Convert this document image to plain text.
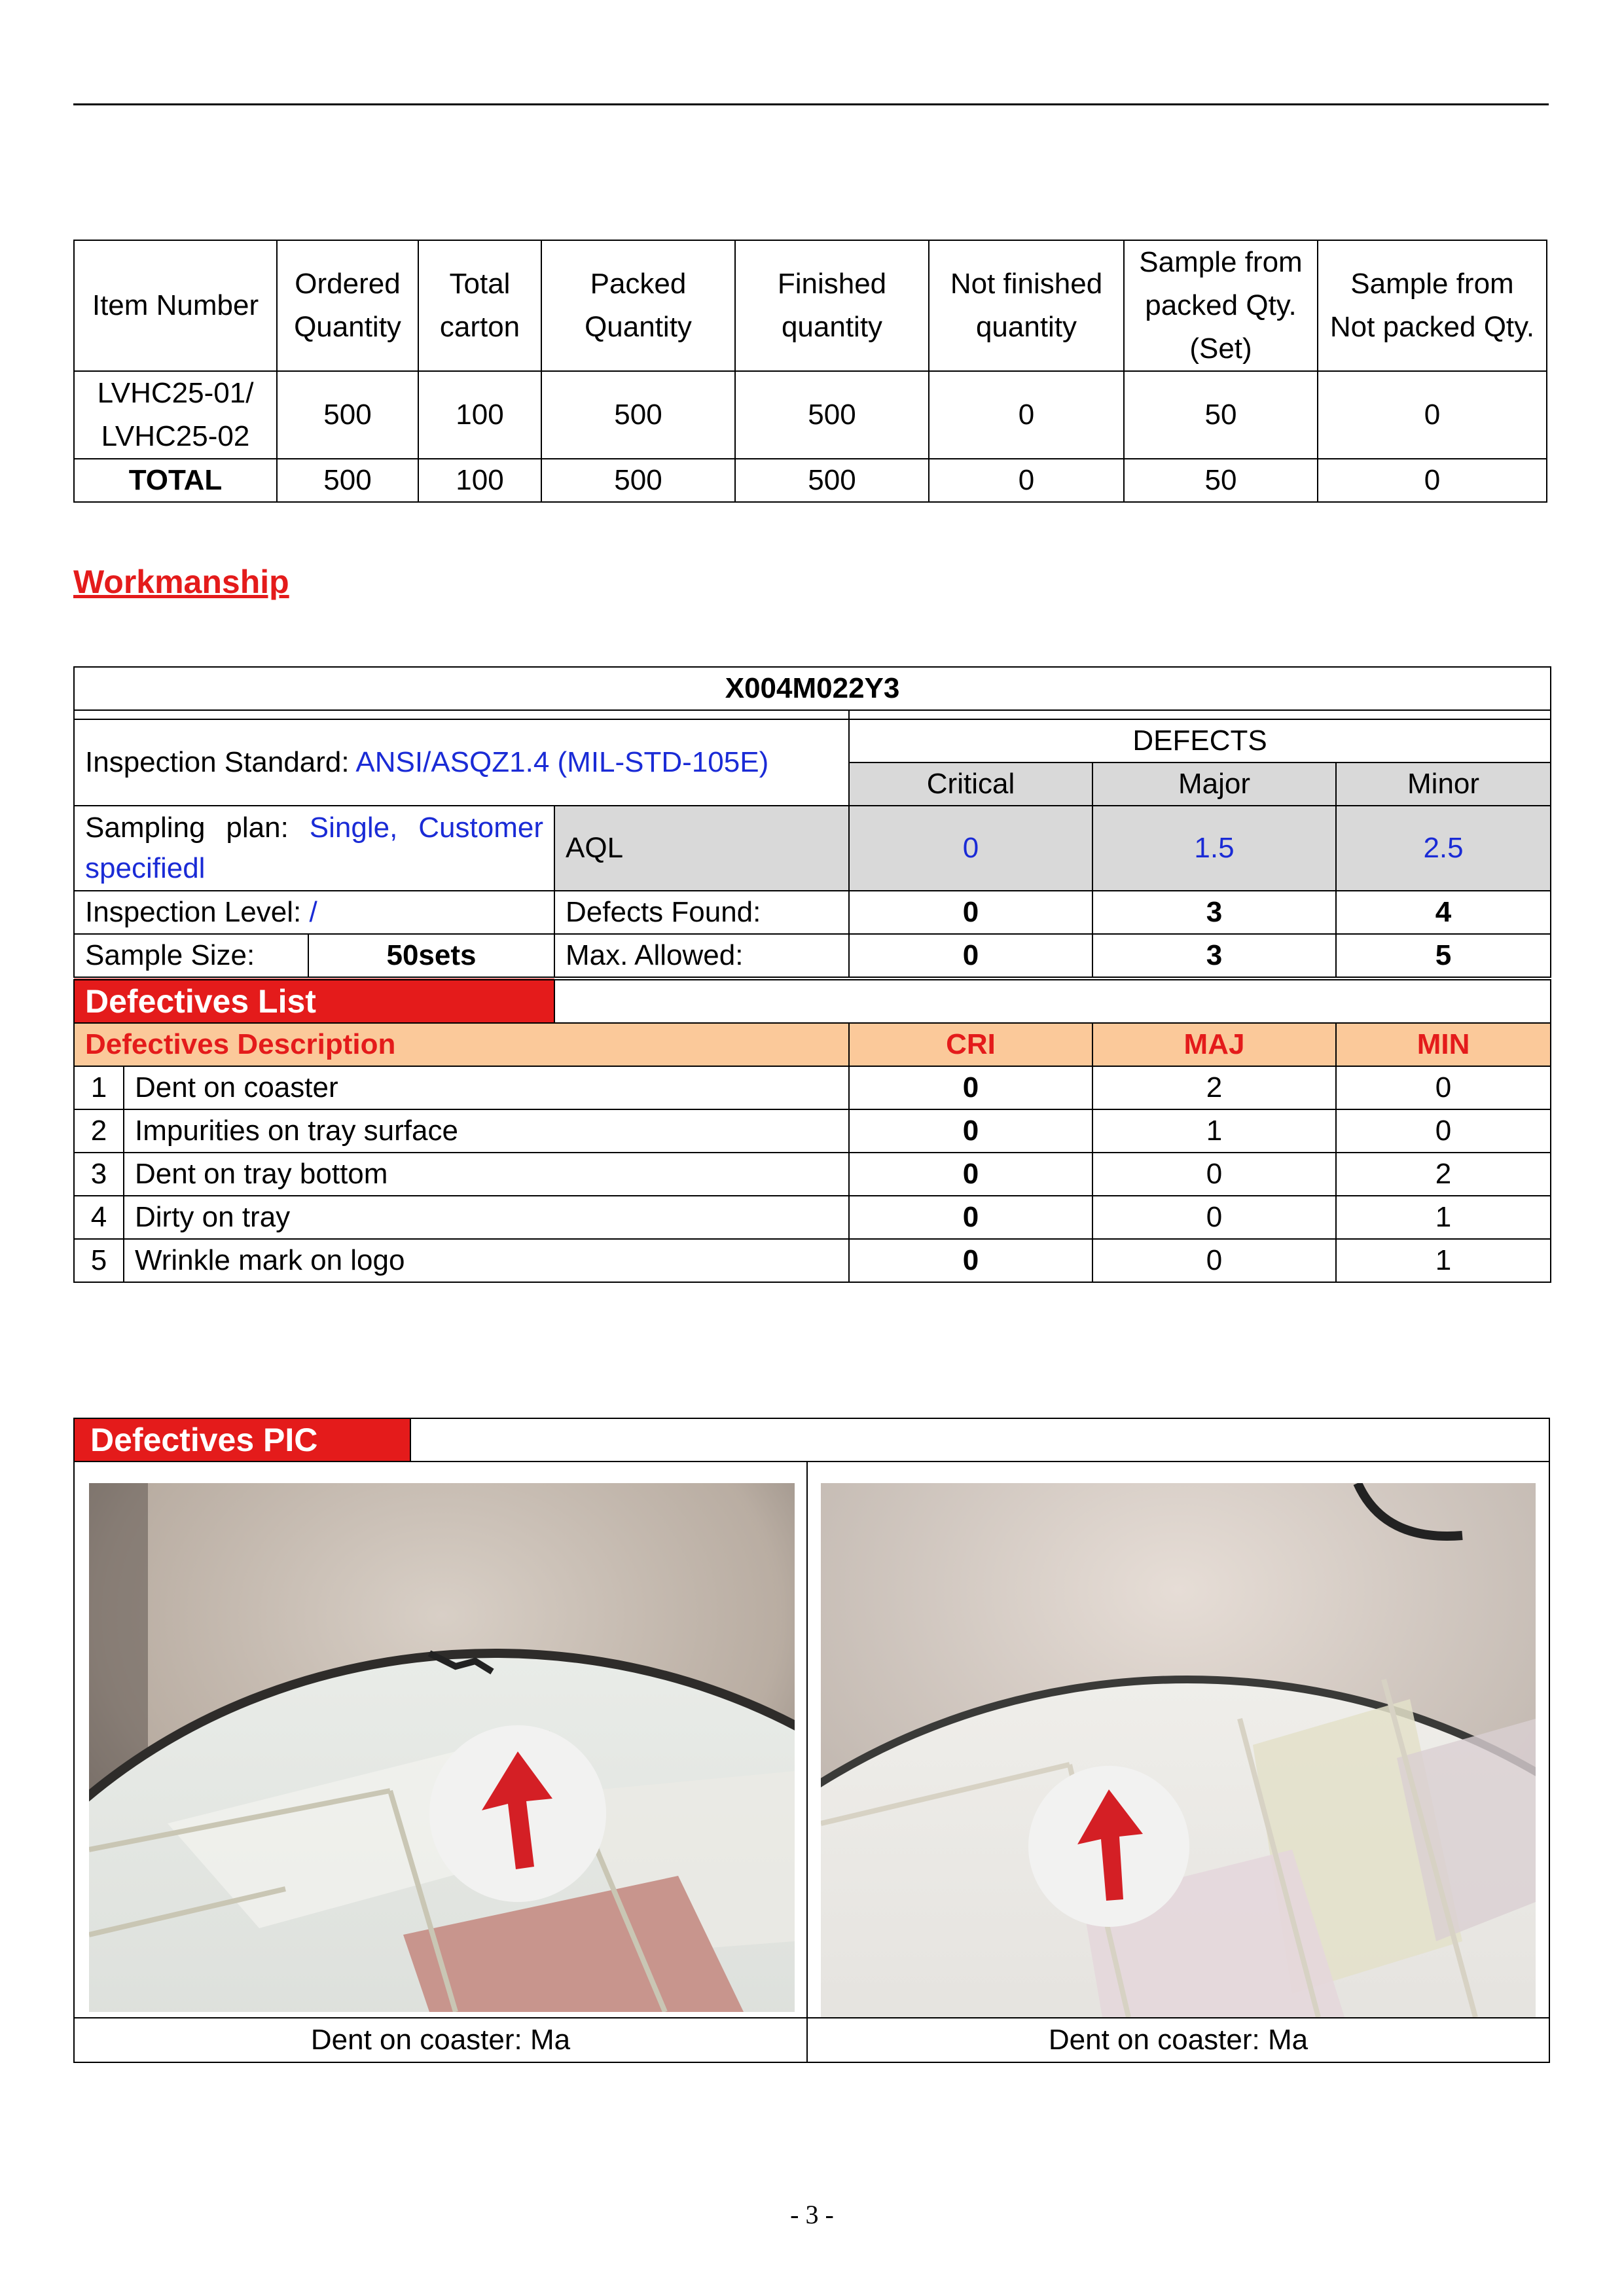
Item Number	Ordered Quantity	Total carton	Packed Quantity	Finished quantity	Not finished quantity	Sample from packed Qty. (Set)	Sample from Not packed Qty.
LVHC25-01/ LVHC25-02	500	100	500	500	0	50	0
TOTAL	500	100	500	500	0	50	0
Workmanship
X004M022Y3						

Inspection Standard: ANSI/ASQZ1.4 (MIL-STD-105E)				DEFECTS		
				Critical	Major	Minor
Sampling plan: Single, Customer specifiedl			AQL	0	1.5	2.5
Inspection Level: /			Defects Found:	0	3	4
Sample Size:		50sets	Max. Allowed:	0	3	5
Defectives List						
Defectives Description				CRI	MAJ	MIN
1	Dent on coaster			0	2	0
2	Impurities on tray surface			0	1	0
3	Dent on tray bottom			0	0	2
4	Dirty on tray			0	0	1
5	Wrinkle mark on logo			0	0	1
Defectives PIC
Dent on coaster: Ma	Dent on coaster: Ma
- 3 -
